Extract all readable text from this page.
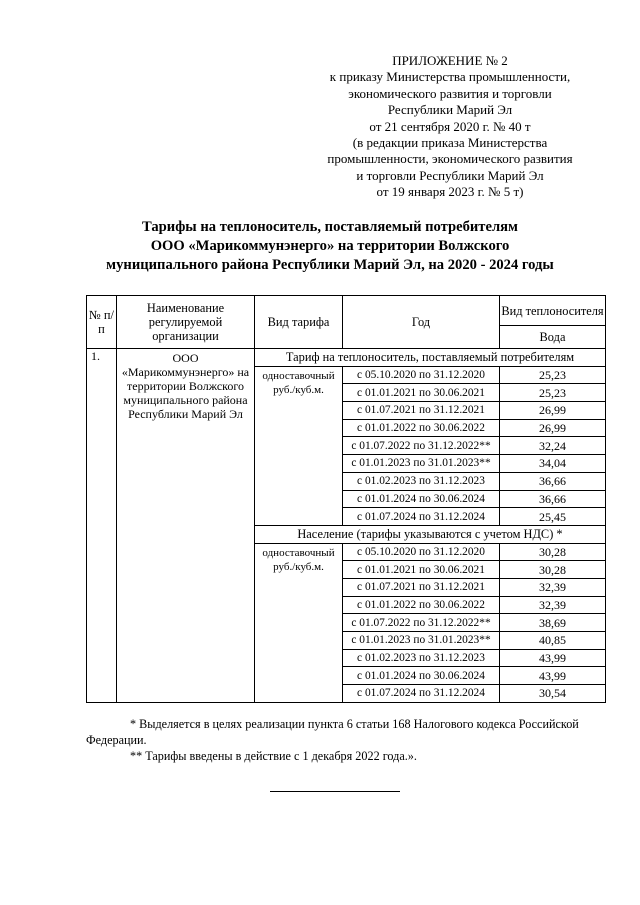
ПРИЛОЖЕНИЕ № 2
к приказу Министерства промышленности,
экономического развития и торговли
Республики Марий Эл
от 21 сентября 2020 г. № 40 т
(в редакции приказа Министерства
промышленности, экономического развития
и торговли Республики Марий Эл
от 19 января 2023 г. № 5 т)
Тарифы на теплоноситель, поставляемый потребителям
ООО «Марикоммунэнерго» на территории Волжского
муниципального района Республики Марий Эл, на 2020 - 2024 годы
№ п/п	Наименование регулируемой организации	Вид тарифа	Год	Вид теплоносителя
				Вода
1.	ООО «Марикоммунэнерго» на территории Волжского муниципального района Республики Марий Эл	Тариф на теплоноситель, поставляемый потребителям		
		одноставочный руб./куб.м.	с 05.10.2020 по 31.12.2020	25,23
			с 01.01.2021 по 30.06.2021	25,23
			с 01.07.2021 по 31.12.2021	26,99
			с 01.01.2022 по 30.06.2022	26,99
			с 01.07.2022 по 31.12.2022**	32,24
			с 01.01.2023 по 31.01.2023**	34,04
			с 01.02.2023 по 31.12.2023	36,66
			с 01.01.2024 по 30.06.2024	36,66
			с 01.07.2024 по 31.12.2024	25,45
		Население (тарифы указываются с учетом НДС) *		
		одноставочный руб./куб.м.	с 05.10.2020 по 31.12.2020	30,28
			с 01.01.2021 по 30.06.2021	30,28
			с 01.07.2021 по 31.12.2021	32,39
			с 01.01.2022 по 30.06.2022	32,39
			с 01.07.2022 по 31.12.2022**	38,69
			с 01.01.2023 по 31.01.2023**	40,85
			с 01.02.2023 по 31.12.2023	43,99
			с 01.01.2024 по 30.06.2024	43,99
			с 01.07.2024 по 31.12.2024	30,54
* Выделяется в целях реализации пункта 6 статьи 168 Налогового кодекса Российской Федерации.
** Тарифы введены в действие с 1 декабря 2022 года.».
